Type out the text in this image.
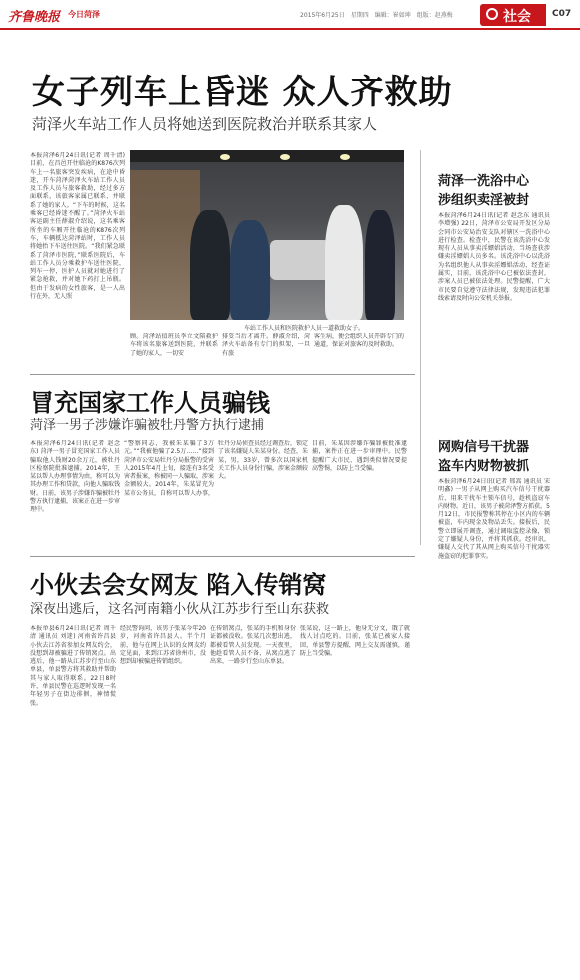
齐鲁晚报 今日菏泽	2015年6月25日　星期四　编辑：崔如坤　组版：赵燕梅	社会 C07
女子列车上昏迷 众人齐救助
菏泽火车站工作人员将她送到医院救治并联系其家人
本报菏泽6月24日讯(记者 周千清) 目前，在昌邑开往临沧的K876次列车上一名旅客突发疾病，在途中昏迷，开车菏泽菏泽火车站工作人员及工作人员与旅客救助，经过多方面联系，该旅客家属已联系，并联系了她的家人。“下车的时候，这名乘客已经昏迷不醒了。”菏泽火车站客运副主任薛淑介绍说，这名乘客所坐的车厢开往临沧的K876次列车，车辆抵达菏泽站时，工作人员将她抬下车送往医院。“我们紧急联系了菏泽市医院，”联系医院后，车站工作人员分乘救护车送往医院，列车一停，医护人员就对她进行了紧急抢救，并对她下药打上吊瓶。但由于发病的女性旅客，是一人出行在外，无人照
车站工作人员和医院救护人员一道救助女子。
顾。菏泽站值班员李立文陪救护车将该名旅客送到医院，并联系了她的家人，一切安
排妥当后才离开。薛淑介绍，菏泽火车站备有专门的担架，一旦有旅
客生病，便会组织人员开辟专门的通道，保证对旅客的及时救助。
菏泽一洗浴中心
涉组织卖淫被封
本报菏泽6月24日讯(记者 赵念东 通讯员 李增强) 22日，菏泽市公安局开发区分局会同市公安局治安支队对辖区一洗浴中心进行检查。检查中，民警在该洗浴中心发现有人员从事卖淫嫖娼活动，当场查获涉嫌卖淫嫖娼人员多名。该洗浴中心以洗浴为名组织他人从事卖淫嫖娼活动，经查证属实，目前，该洗浴中心已被依法查封，涉案人员已被依法处理。民警提醒，广大市民要自觉遵守法律法规，发现违法犯罪线索请及时向公安机关举报。
网购信号干扰器
盗车内财物被抓
本报菏泽6月24日讯(记者 邢嵩 通讯员 宋明鑫) 一男子从网上购买汽车信号干扰器后，用来干扰车主锁车信号，趁机盗窃车内财物。近日，该男子被菏泽警方抓获。5月12日，市民报警称其停在小区内的车辆被盗，车内现金及物品丢失。接报后，民警立即展开调查，通过调取监控录像，锁定了嫌疑人身份，并将其抓获。经审讯，嫌疑人交代了其从网上购买信号干扰器实施盗窃的犯罪事实。
冒充国家工作人员骗钱
菏泽一男子涉嫌诈骗被牡丹警方执行逮捕
本报菏泽6月24日讯(记者 赵念东) 菏泽一男子冒充国家工作人员骗取他人钱财20余万元，被牡丹区检察院批准逮捕。2014年，王某以帮人办理事情为由，称可以为其办理工作和贷款，向他人骗取钱财。日前，该男子涉嫌诈骗被牡丹警方执行逮捕，该案正在进一步审理中。
“警察同志，我被朱某骗了3万元。”“我被他骗了2.5万……”接到菏泽市公安局牡丹分局报警的受害人2015年4月上旬，接连有3名受害者报案，称被同一人骗取，涉案金额较大。2014年，朱某冒充为某市公务员，自称可以帮人办事，
牡丹分局侦查员经过调查后，锁定了该名嫌疑人朱某身份。经查，朱某，男，33岁，曾多次以国家机关工作人员身份行骗，涉案金额较大。
目前，朱某因涉嫌诈骗罪被批准逮捕，案件正在进一步审理中。民警提醒广大市民，遇到类似情况要提高警惕，以防上当受骗。
小伙去会女网友 陷入传销窝
深夜出逃后，这名河南籍小伙从江苏步行至山东获救
本报单县6月24日讯(记者 周千清 通讯员 刘迷) 河南省许昌县小伙去江苏省参加女网友约会，没想到却被骗进了传销窝点。出逃后，他一路从江苏步行至山东单县，单县警方将其救助并帮助其与家人取得联系。22日8时许，单县民警在巡逻时发现一名年轻男子在街边徘徊，神情慌张。
经民警询问，该男子张某今年20岁，河南省许昌县人。半个月前，他与在网上认识的女网友约定见面，来到江苏省徐州市，没想到却被骗进传销组织。
在传销窝点，张某的手机和身份证都被没收。张某几次想出逃，都被看管人员发现。一天夜里，他趁看管人员不备，从窝点逃了出来，一路步行至山东单县。
张某说，这一路上，他身无分文，饿了就找人讨点吃的。目前，张某已被家人接回，单县警方提醒，网上交友需谨慎，谨防上当受骗。
